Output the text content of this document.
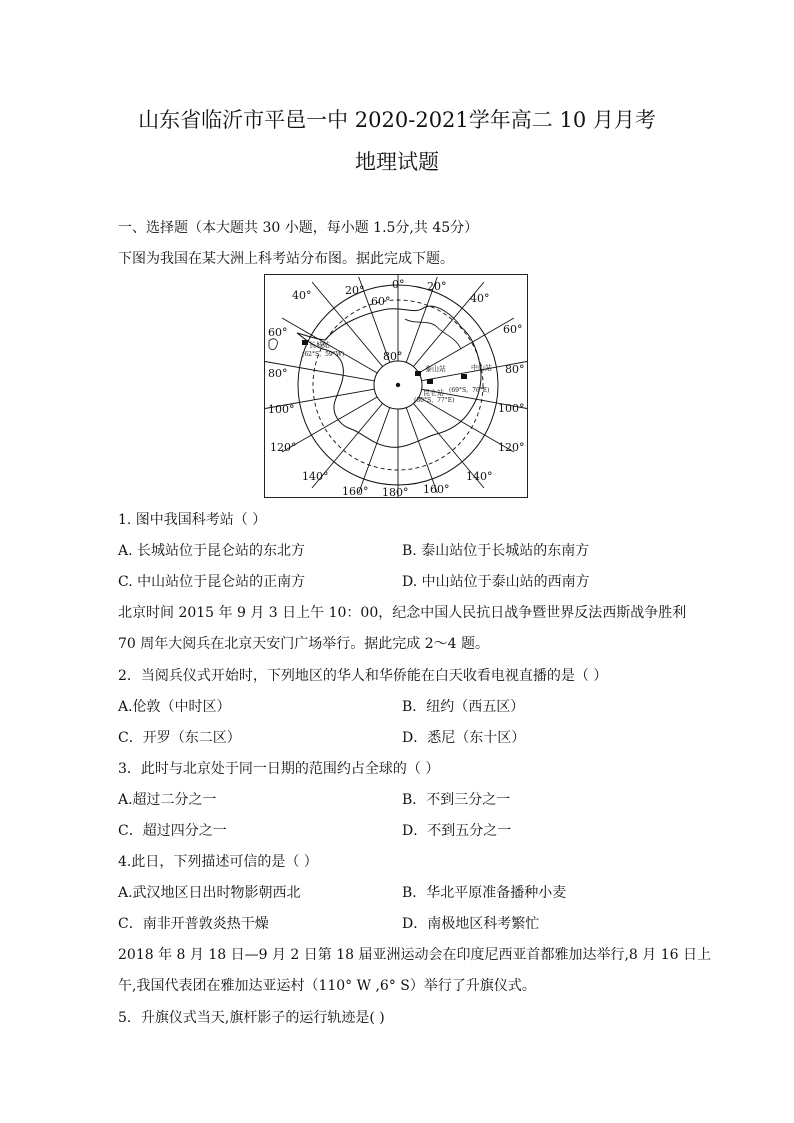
山东省临沂市平邑一中 2020-2021学年高二 10 月月考
地理试题
一、选择题（本大题共 30 小题，每小题 1.5分,共 45分）
下图为我国在某大洲上科考站分布图。据此完成下题。
0°
20°	20°
40°	40°
60°
60°	60°
80°
80°	80°
100°	100°
120°	120°
140°	140°
160° 180° 160°
长城站
(62°S，59°W)
中山站
(69°S，76°E)
昆仑站
(80°S，77°E)
泰山站
1. 图中我国科考站（ ）
A. 长城站位于昆仑站的东北方	B. 泰山站位于长城站的东南方
C. 中山站位于昆仑站的正南方	D. 中山站位于泰山站的西南方
北京时间 2015 年 9 月 3 日上午 10：00，纪念中国人民抗日战争暨世界反法西斯战争胜利
70 周年大阅兵在北京天安门广场举行。据此完成 2～4 题。
2．当阅兵仪式开始时，下列地区的华人和华侨能在白天收看电视直播的是（ ）
A.伦敦（中时区）	B．纽约（西五区）
C．开罗（东二区）	D．悉尼（东十区）
3．此时与北京处于同一日期的范围约占全球的（ ）
A.超过二分之一	B．不到三分之一
C．超过四分之一	D．不到五分之一
4.此日，下列描述可信的是（ ）
A.武汉地区日出时物影朝西北	B．华北平原准备播种小麦
C．南非开普敦炎热干燥	D．南极地区科考繁忙
2018 年 8 月 18 日—9 月 2 日第 18 届亚洲运动会在印度尼西亚首都雅加达举行,8 月 16 日上
午,我国代表团在雅加达亚运村（110° W ,6° S）举行了升旗仪式。
5．升旗仪式当天,旗杆影子的运行轨迹是( )
